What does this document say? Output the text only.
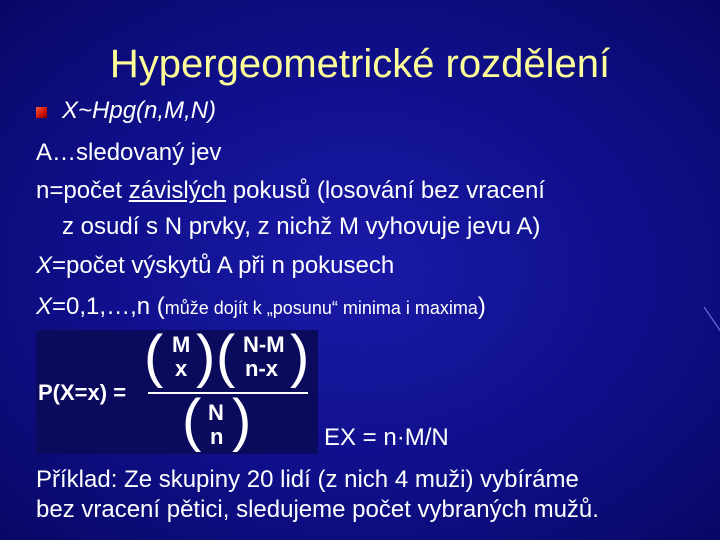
Hypergeometrické rozdělení

X~Hpg(n,M,N)

A…sledovaný jev

n=počet závislých pokusů (losování bez vracení

z osudí s N prvky, z nichž M vyhovuje jevu A)

X=počet výskytů A při n pokusech

X=0,1,…,n (může dojít k „posunu“ minima i maxima)

P(X=x) =
( M
x ) ( N-M
n-x )
( N
n )	EX = n·M/N

Příklad: Ze skupiny 20 lidí (z nich 4 muži) vybíráme
bez vracení pětici, sledujeme počet vybraných mužů.
